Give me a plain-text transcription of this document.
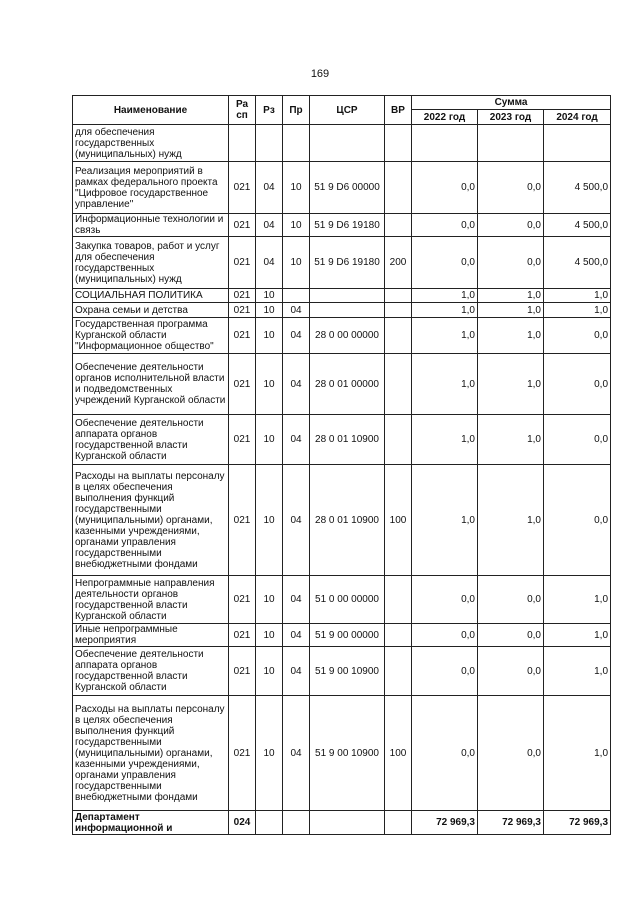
169
Наименование	Ра сп	Рз	Пр	ЦСР	ВР	Сумма		
						2022 год	2023 год	2024 год
для обеспечения государственных (муниципальных) нужд								
Реализация мероприятий в рамках федерального проекта "Цифровое государственное управление"	021	04	10	51 9 D6 00000		0,0	0,0	4 500,0
Информационные технологии и связь	021	04	10	51 9 D6 19180		0,0	0,0	4 500,0
Закупка товаров, работ и услуг для обеспечения государственных (муниципальных) нужд	021	04	10	51 9 D6 19180	200	0,0	0,0	4 500,0
СОЦИАЛЬНАЯ ПОЛИТИКА	021	10				1,0	1,0	1,0
Охрана семьи и детства	021	10	04			1,0	1,0	1,0
Государственная программа Курганской области "Информационное общество"	021	10	04	28 0 00 00000		1,0	1,0	0,0
Обеспечение деятельности органов исполнительной власти и подведомственных учреждений Курганской области	021	10	04	28 0 01 00000		1,0	1,0	0,0
Обеспечение деятельности аппарата органов государственной власти Курганской области	021	10	04	28 0 01 10900		1,0	1,0	0,0
Расходы на выплаты персоналу в целях обеспечения выполнения функций государственными (муниципальными) органами, казенными учреждениями, органами управления государственными внебюджетными фондами	021	10	04	28 0 01 10900	100	1,0	1,0	0,0
Непрограммные направления деятельности органов государственной власти Курганской области	021	10	04	51 0 00 00000		0,0	0,0	1,0
Иные непрограммные мероприятия	021	10	04	51 9 00 00000		0,0	0,0	1,0
Обеспечение деятельности аппарата органов государственной власти Курганской области	021	10	04	51 9 00 10900		0,0	0,0	1,0
Расходы на выплаты персоналу в целях обеспечения выполнения функций государственными (муниципальными) органами, казенными учреждениями, органами управления государственными внебюджетными фондами	021	10	04	51 9 00 10900	100	0,0	0,0	1,0
Департамент информационной и	024					72 969,3	72 969,3	72 969,3
